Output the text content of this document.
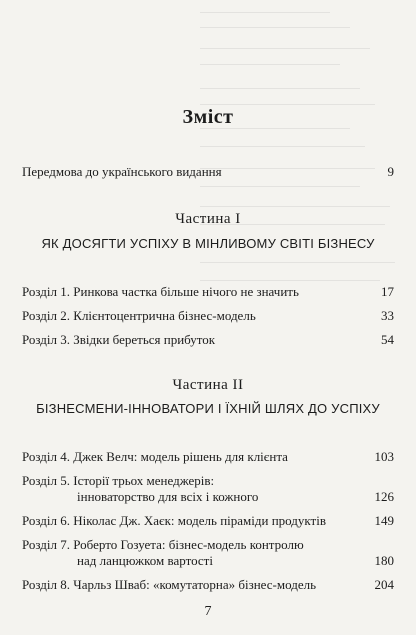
Зміст
Передмова до українського видання	9
Частина I
ЯК ДОСЯГТИ УСПІХУ В МІНЛИВОМУ СВІТІ БІЗНЕСУ
Розділ 1. Ринкова частка більше нічого не значить	17
Розділ 2. Клієнтоцентрична бізнес-модель	33
Розділ 3. Звідки береться прибуток	54
Частина II
БІЗНЕСМЕНИ-ІННОВАТОРИ І ЇХНІЙ ШЛЯХ ДО УСПІХУ
Розділ 4. Джек Велч: модель рішень для клієнта	103
Розділ 5. Історії трьох менеджерів:
інноваторство для всіх і кожного	126
Розділ 6. Ніколас Дж. Хаєк: модель піраміди продуктів	149
Розділ 7. Роберто Гозуета: бізнес-модель контролю
над ланцюжком вартості	180
Розділ 8. Чарльз Шваб: «комутаторна» бізнес-модель	204
7
